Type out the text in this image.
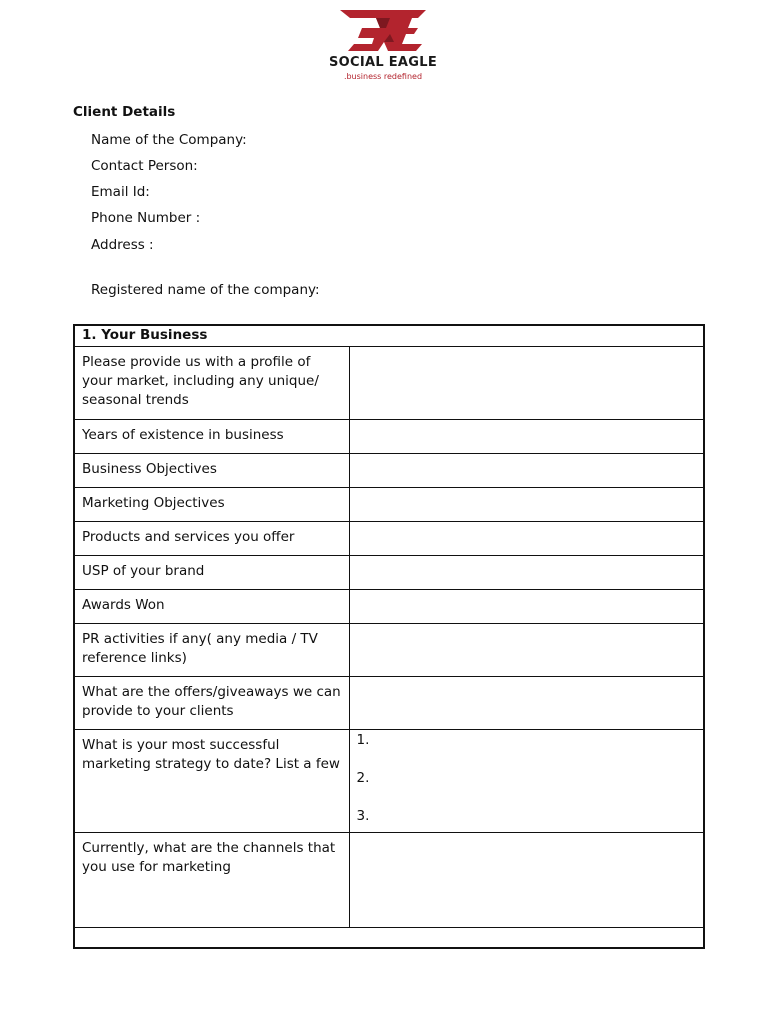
SOCIAL EAGLE
.business redefined
Client Details
Name of the Company:
Contact Person:
Email Id:
Phone Number :
Address :
Registered name of the company:
1. Your Business	
Please provide us with a profile of your market, including any unique/ seasonal trends	
Years of existence in business	
Business Objectives	
Marketing Objectives	
Products and services you offer	
USP of your brand	
Awards Won	
PR activities if any( any media / TV reference links)	
What are the offers/giveaways we can provide to your clients	
What is your most successful marketing strategy to date? List a few	1.
2.
3.

Currently, what are the channels that you use for marketing	
